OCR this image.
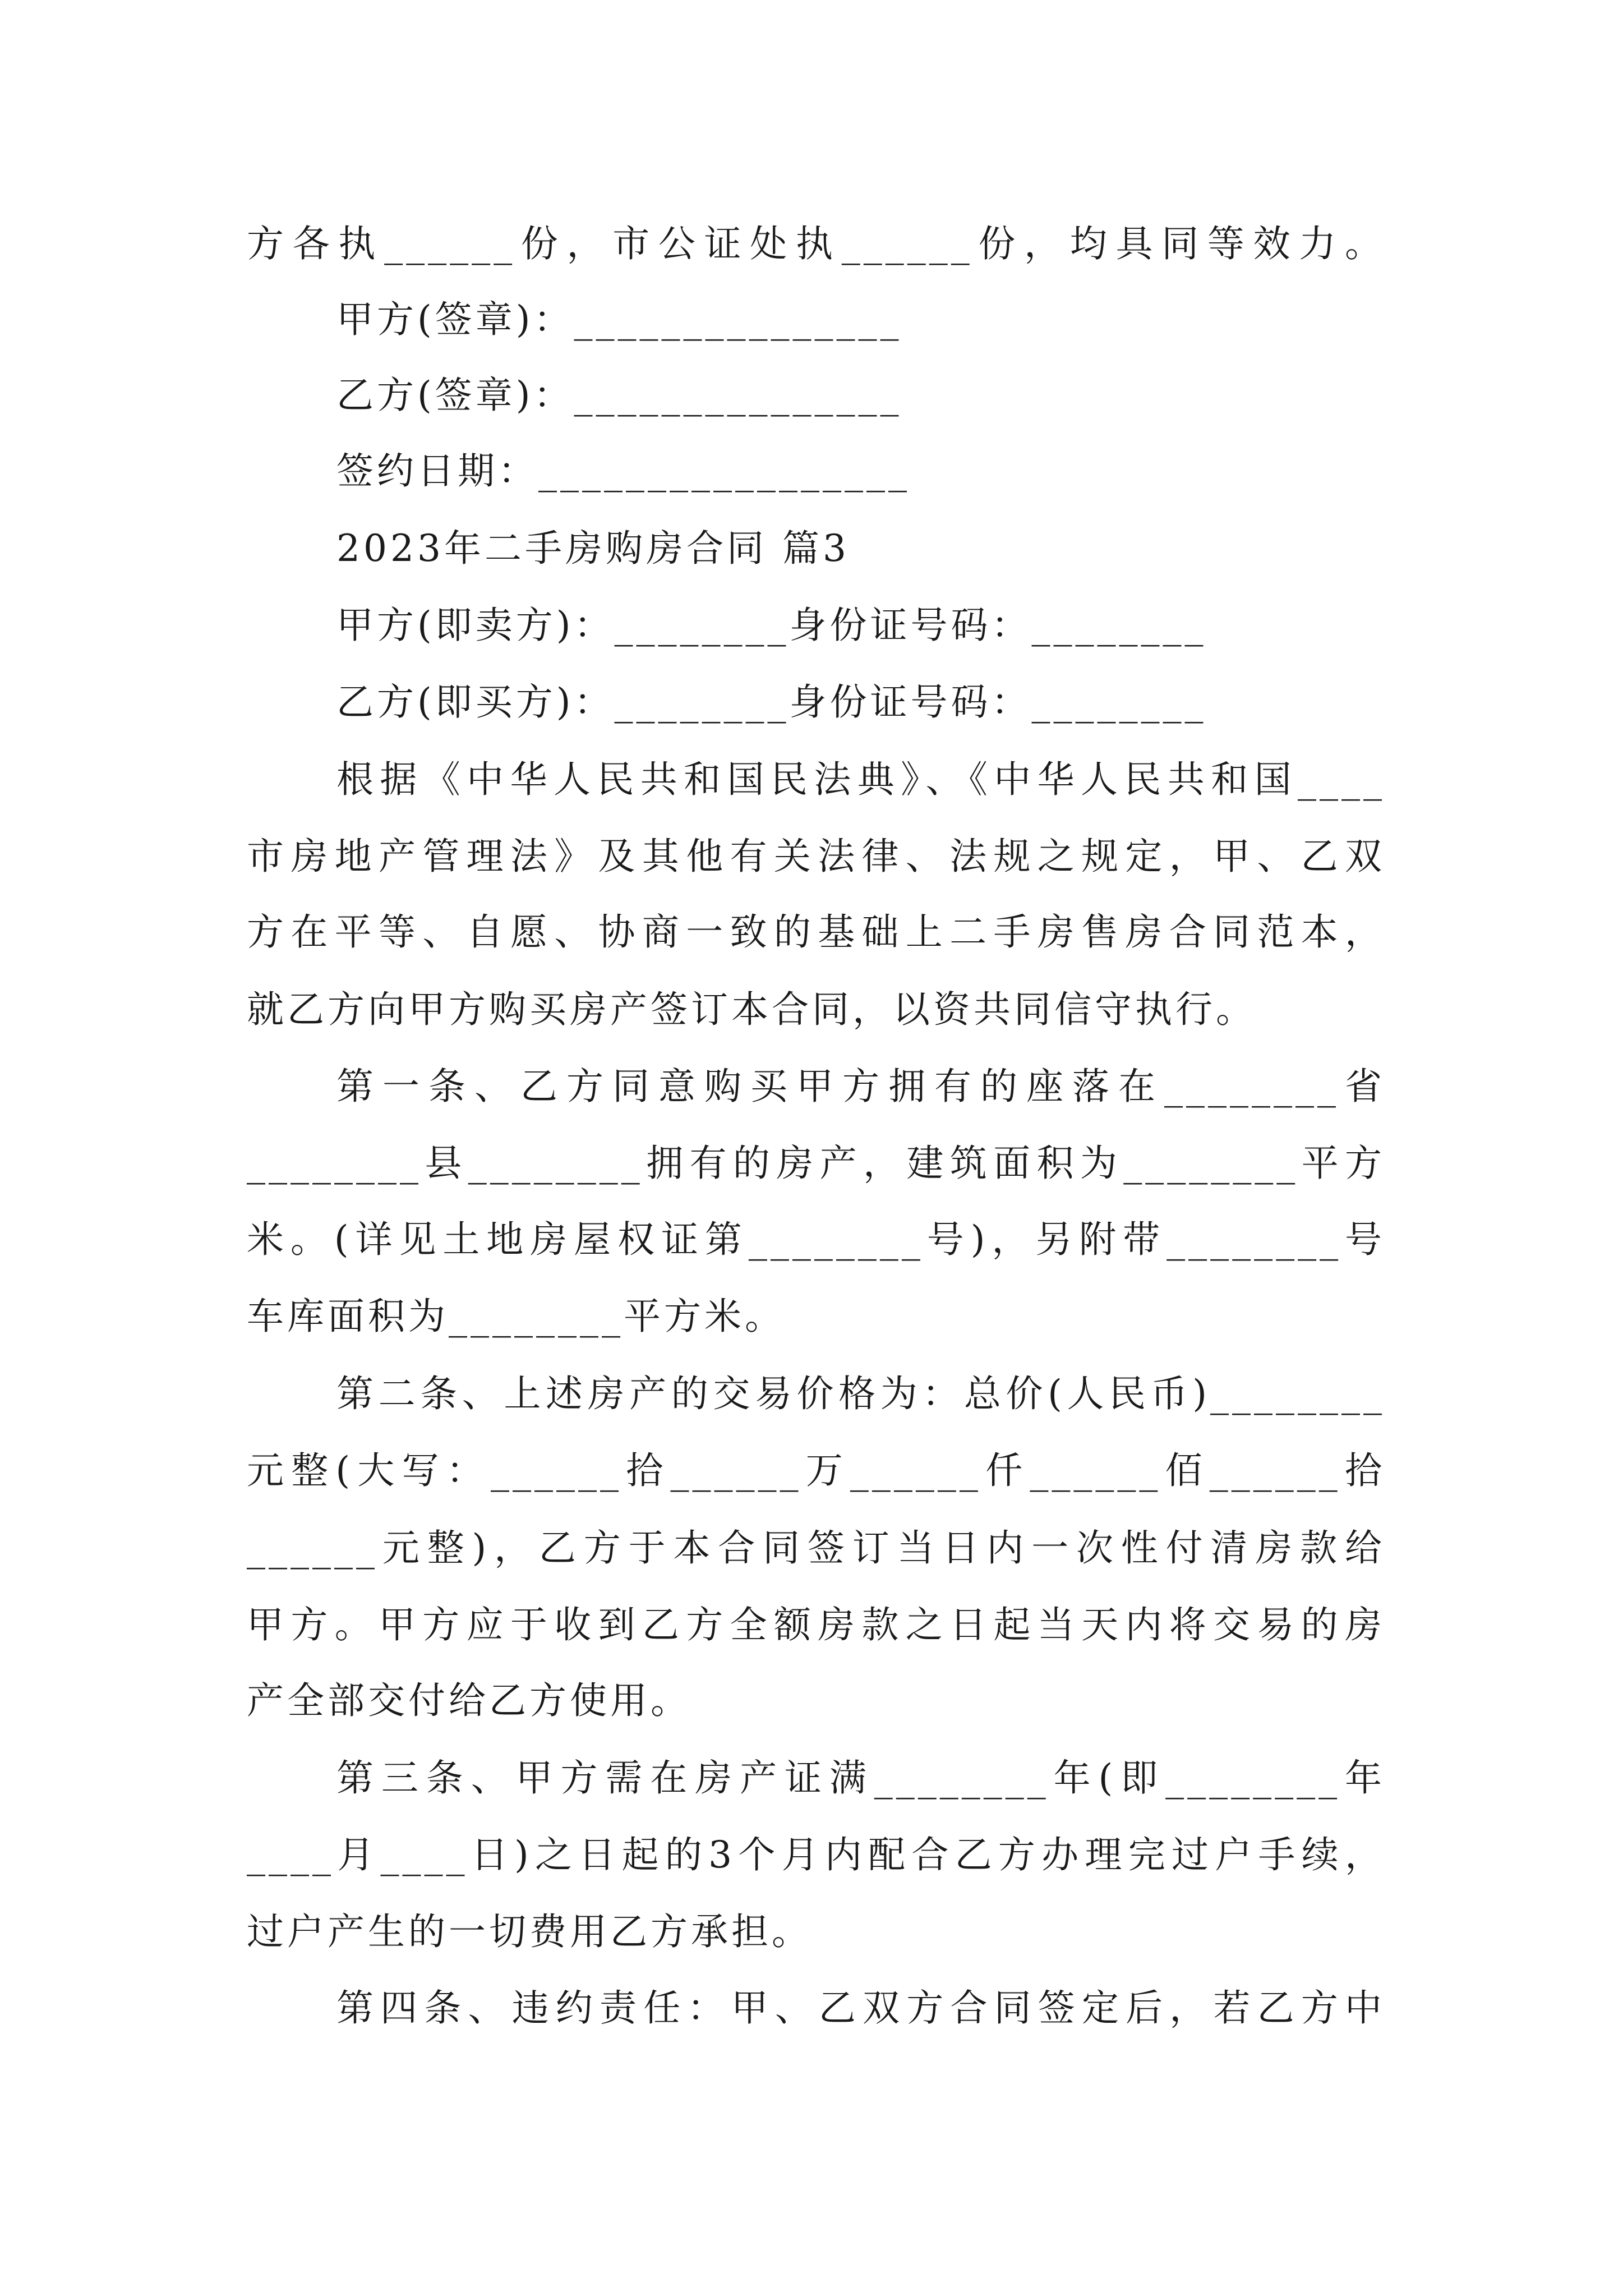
方各执______份，市公证处执______份，均具同等效力。
甲方(签章)：_______________
乙方(签章)：_______________
签约日期：_________________
2023年二手房购房合同 篇3
甲方(即卖方)：________身份证号码：________
乙方(即买方)：________身份证号码：________
根据《中华人民共和国民法典》、《中华人民共和国____
市房地产管理法》及其他有关法律、法规之规定，甲、乙双
方在平等、自愿、协商一致的基础上二手房售房合同范本，
就乙方向甲方购买房产签订本合同，以资共同信守执行。
第一条、乙方同意购买甲方拥有的座落在________省
________县________拥有的房产，建筑面积为________平方
米。(详见土地房屋权证第________号)，另附带________号
车库面积为________平方米。
第二条、上述房产的交易价格为：总价(人民币)________
元整(大写：______拾______万______仟______佰______拾
______元整)，乙方于本合同签订当日内一次性付清房款给
甲方。甲方应于收到乙方全额房款之日起当天内将交易的房
产全部交付给乙方使用。
第三条、甲方需在房产证满________年(即________年
____月____日)之日起的3个月内配合乙方办理完过户手续，
过户产生的一切费用乙方承担。
第四条、违约责任：甲、乙双方合同签定后，若乙方中
